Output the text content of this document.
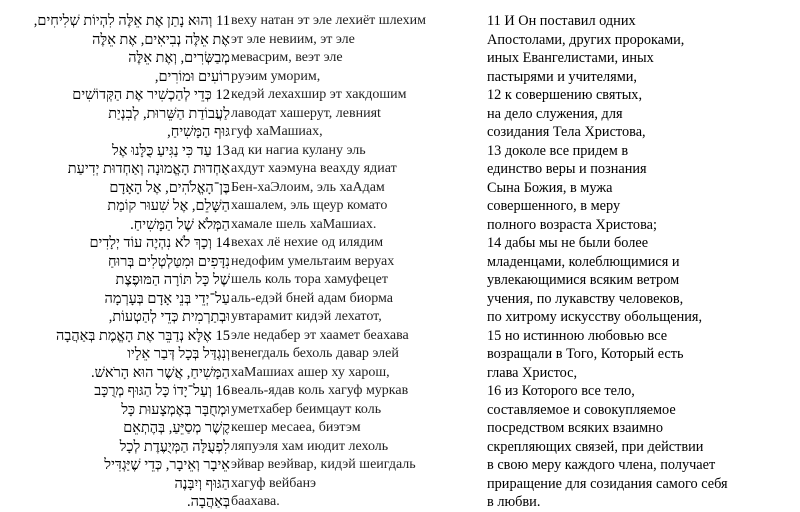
11 וְהוּא נָתַן אֶת אֵלֶּה לִהְיוֹת שְׁלִיחִים,
אֶת אֵלֶּה נְבִיאִים, אֶת אֵלֶּה
מְבַשְּׂרִים, וְאֶת אֵלֶּה
רוֹעִים וּמוֹרִים,
12 כְּדֵי לְהַכְשִׁיר אֶת הַקְּדוֹשִׁים
לַעֲבוֹדַת הַשֵּׁרוּת, לְבִנְיַת
גּוּף הַמָּשִׁיחַ,
13 עַד כִּי נַגִּיעַ כֻּלָּנוּ אֶל
אַחְדוּת הָאֱמוּנָה וְאַחְדוּת יְדִיעַת
בֶּן־הָאֱלֹהִים, אֶל הָאָדָם
הַשָּׁלֵם, אֶל שִׁעוּר קוֹמַת
הַמְּלֹא שֶׁל הַמָּשִׁיחַ.
14 וְכָךְ לֹא נִהְיֶה עוֹד יְלָדִים
נִדָּפִים וּמִטַּלְטְלִים בְּרוּחַ
שֶׁל כָּל תּוֹרָה הַמּוּפֶצֶת
עַל־יְדֵי בְּנֵי אָדָם בְּעָרְמָה
וּבְתַרְמִית כְּדֵי לְהַטְעוֹת,
15 אֶלָּא נְדַבֵּר אֶת הָאֱמֶת בְּאַהֲבָה
וְנִגְדַּל בְּכָל דְּבַר אֵלָיו
הַמָּשִׁיחַ, אֲשֶׁר הוּא הָרֹאשׁ.
16 וְעַל־יָדוֹ כָּל הַגּוּף מְרֻכָּב
וּמְחֻבָּר בְּאֶמְצָעוּת כָּל
קֶשֶׁר מְסַיֵּעַ, בְּהֶתְאֵם
לִפְעֻלָּה הַמְּיֻעֶדֶת לְכָל
אֵיבָר וְאֵיבָר, כְּדֵי שֶׁיַּגְדִּיל
הַגּוּף וְיִבָּנֶה
בְּאַהֲבָה.
веху натан эт эле лехиёт шлехим
эт эле невиим, эт эле
мевасрим, веэт эле
руэим уморим,
кедэй лехахшир эт хакдошим
лаводат хашерут, левнияt
гуф хаМашиах,
ад ки нагиа кулану эль
ахдут хаэмуна веахду ядиат
Бен-хаЭлоим, эль хаАдам
хашалем, эль щеур комато
хамале шель хаМашиах.
вехах лё нехие од илядим
недофим умельтаим веруах
шель коль тора хамуфецет
аль-едэй бней адам биорма
увтарамит кидэй лехатот,
эле недабер эт хаамет беахава
венегдаль бехоль давар элей
хаМашиах ашер ху харош,
веаль-ядав коль хагуф муркав
уметхабер беимцаут коль
кешер месаеа, биэтэм
ляпуэля хам июдит лехоль
эйвар веэйвар, кидэй шеигдаль
хагуф вейбанэ
баахава.
11 И Он поставил одних
Апостолами, других пророками,
иных Евангелистами, иных
пастырями и учителями,
12 к совершению святых,
на дело служения, для
созидания Тела Христова,
13 доколе все придем в
единство веры и познания
Сына Божия, в мужа
совершенного, в меру
полного возраста Христова;
14 дабы мы не были более
младенцами, колеблющимися и
увлекающимися всяким ветром
учения, по лукавству человеков,
по хитрому искусству обольщения,
15 но истинною любовью все
возращали в Того, Который есть
глава Христос,
16 из Которого все тело,
составляемое и совокупляемое
посредством всяких взаимно
скрепляющих связей, при действии
в свою меру каждого члена, получает
приращение для созидания самого себя
в любви.
